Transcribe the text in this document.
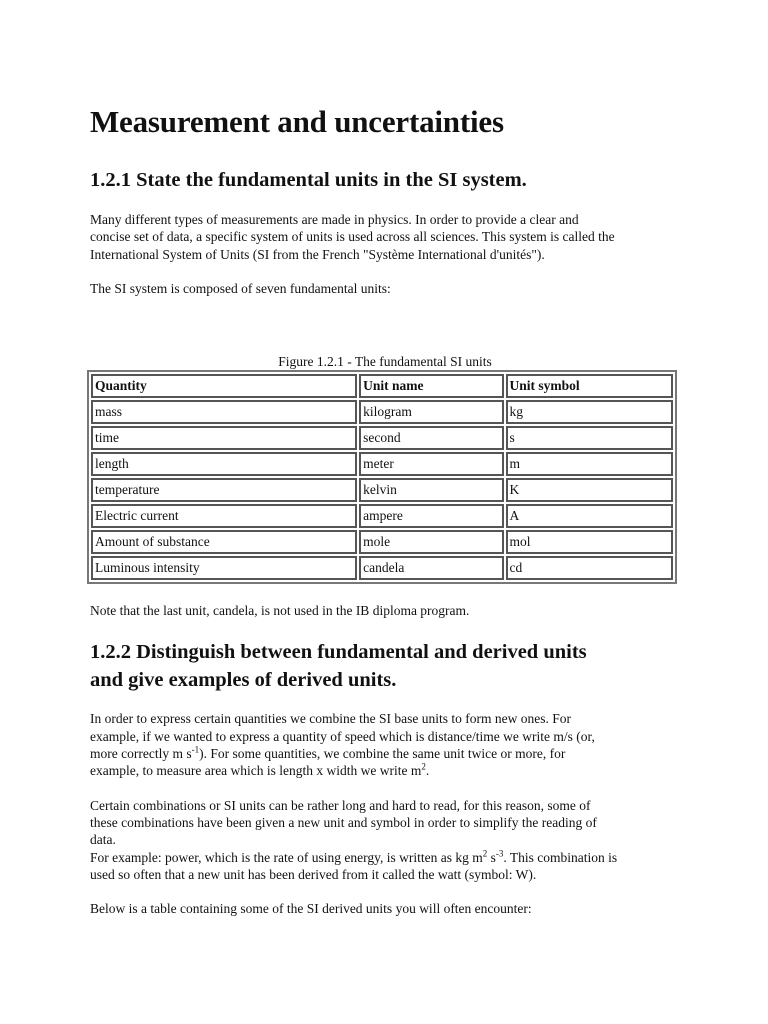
Measurement and uncertainties
1.2.1 State the fundamental units in the SI system.

Many different types of measurements are made in physics. In order to provide a clear and
concise set of data, a specific system of units is used across all sciences. This system is called the
International System of Units (SI from the French "Système International d'unités").

The SI system is composed of seven fundamental units:

Figure 1.2.1 - The fundamental SI units
Quantity	Unit name	Unit symbol
mass	kilogram	kg
time	second	s
length	meter	m
temperature	kelvin	K
Electric current	ampere	A
Amount of substance	mole	mol
Luminous intensity	candela	cd

Note that the last unit, candela, is not used in the IB diploma program.

1.2.2 Distinguish between fundamental and derived units
and give examples of derived units.

In order to express certain quantities we combine the SI base units to form new ones. For
example, if we wanted to express a quantity of speed which is distance/time we write m/s (or,
more correctly m $s^{-1}$). For some quantities, we combine the same unit twice or more, for
example, to measure area which is length x width we write $m^2$.

Certain combinations or SI units can be rather long and hard to read, for this reason, some of
these combinations have been given a new unit and symbol in order to simplify the reading of
data.
For example: power, which is the rate of using energy, is written as kg $m^2$ $s^{-3}$. This combination is
used so often that a new unit has been derived from it called the watt (symbol: W).

Below is a table containing some of the SI derived units you will often encounter:
